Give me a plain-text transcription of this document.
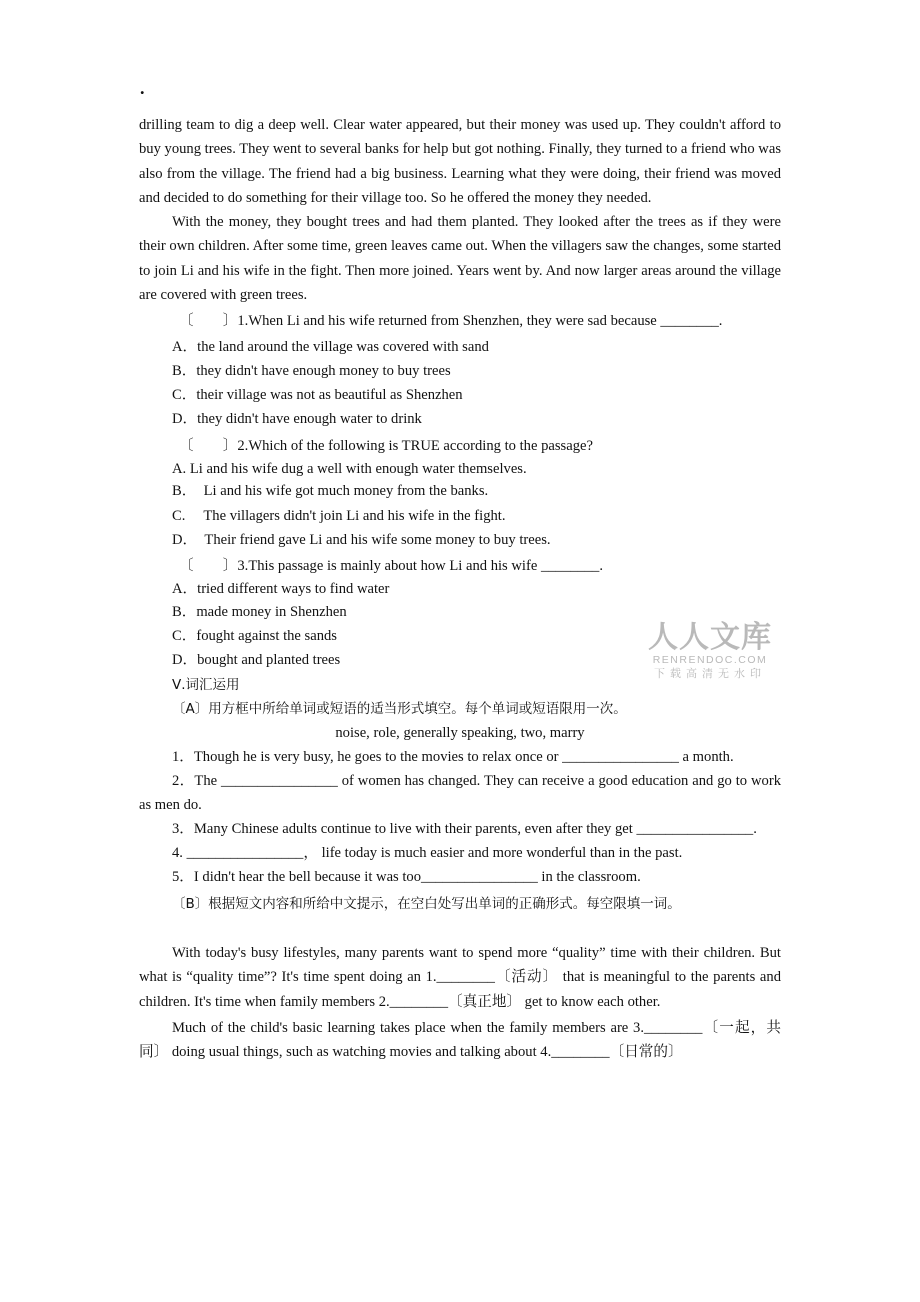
.

drilling team to dig a deep well. Clear water appeared, but their money was used up. They couldn't afford to buy young trees. They went to several banks for help but got nothing. Finally, they turned to a friend who was also from the village. The friend had a big business. Learning what they were doing, their friend was moved and decided to do something for their village too. So he offered the money they needed.

With the money, they bought trees and had them planted. They looked after the trees as if they were their own children. After some time, green leaves came out. When the villagers saw the changes, some started to join Li and his wife in the fight. Then more joined. Years went by. And now larger areas around the village are covered with green trees.

〔　　〕1.When Li and his wife returned from Shenzhen, they were sad because ________.

A．the land around the village was covered with sand

B．they didn't have enough money to buy trees

C．their village was not as beautiful as Shenzhen

D．they didn't have enough water to drink

〔　　〕2.Which of the following is TRUE according to the passage?

A. Li and his wife dug a well with enough water themselves.

B．　Li and his wife got much money from the banks.

C.　 The villagers didn't join Li and his wife in the fight.

D．　Their friend gave Li and his wife some money to buy trees.

〔　　〕3.This passage is mainly about how Li and his wife ________.

A．tried different ways to find water

B．made money in Shenzhen

C．fought against the sands

D．bought and planted trees

Ⅴ.词汇运用

〔A〕用方框中所给单词或短语的适当形式填空。每个单词或短语限用一次。

noise, role, generally speaking, two, marry

1．Though he is very busy, he goes to the movies to relax once or ________________ a month.

2．The ________________ of women has changed. They can receive a good education and go to work as men do.

3．Many Chinese adults continue to live with their parents, even after they get ________________.

4. ________________， life today is much easier and more wonderful than in the past.

5．I didn't hear the bell because it was too________________ in the classroom.

〔B〕根据短文内容和所给中文提示，在空白处写出单词的正确形式。每空限填一词。

With today's busy lifestyles, many parents want to spend more “quality” time with their children. But what is “quality time”? It's time spent doing an 1.________〔活动〕 that is meaningful to the parents and children. It's time when family members 2.________〔真正地〕 get to know each other.

Much of the child's basic learning takes place when the family members are 3.________〔一起，共同〕 doing usual things, such as watching movies and talking about 4.________〔日常的〕

人人文库
RENRENDOC.COM
下载高清无水印
